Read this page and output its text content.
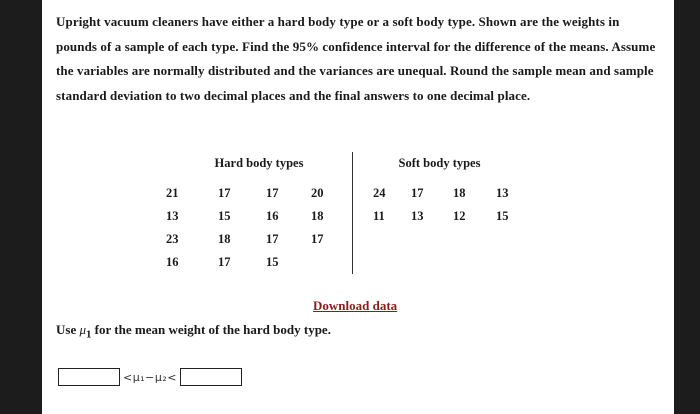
Upright vacuum cleaners have either a hard body type or a soft body type. Shown are the weights in pounds of a sample of each type. Find the 95% confidence interval for the difference of the means. Assume the variables are normally distributed and the variances are unequal. Round the sample mean and sample standard deviation to two decimal places and the final answers to one decimal place.
Hard body types				Soft body types			
21	17	17	20	24	17	18	13
13	15	16	18	11	13	12	15
23	18	17	17				
16	17	15					
Download data
Use $\mu_1$ for the mean weight of the hard body type.
<μ₁−μ₂<
